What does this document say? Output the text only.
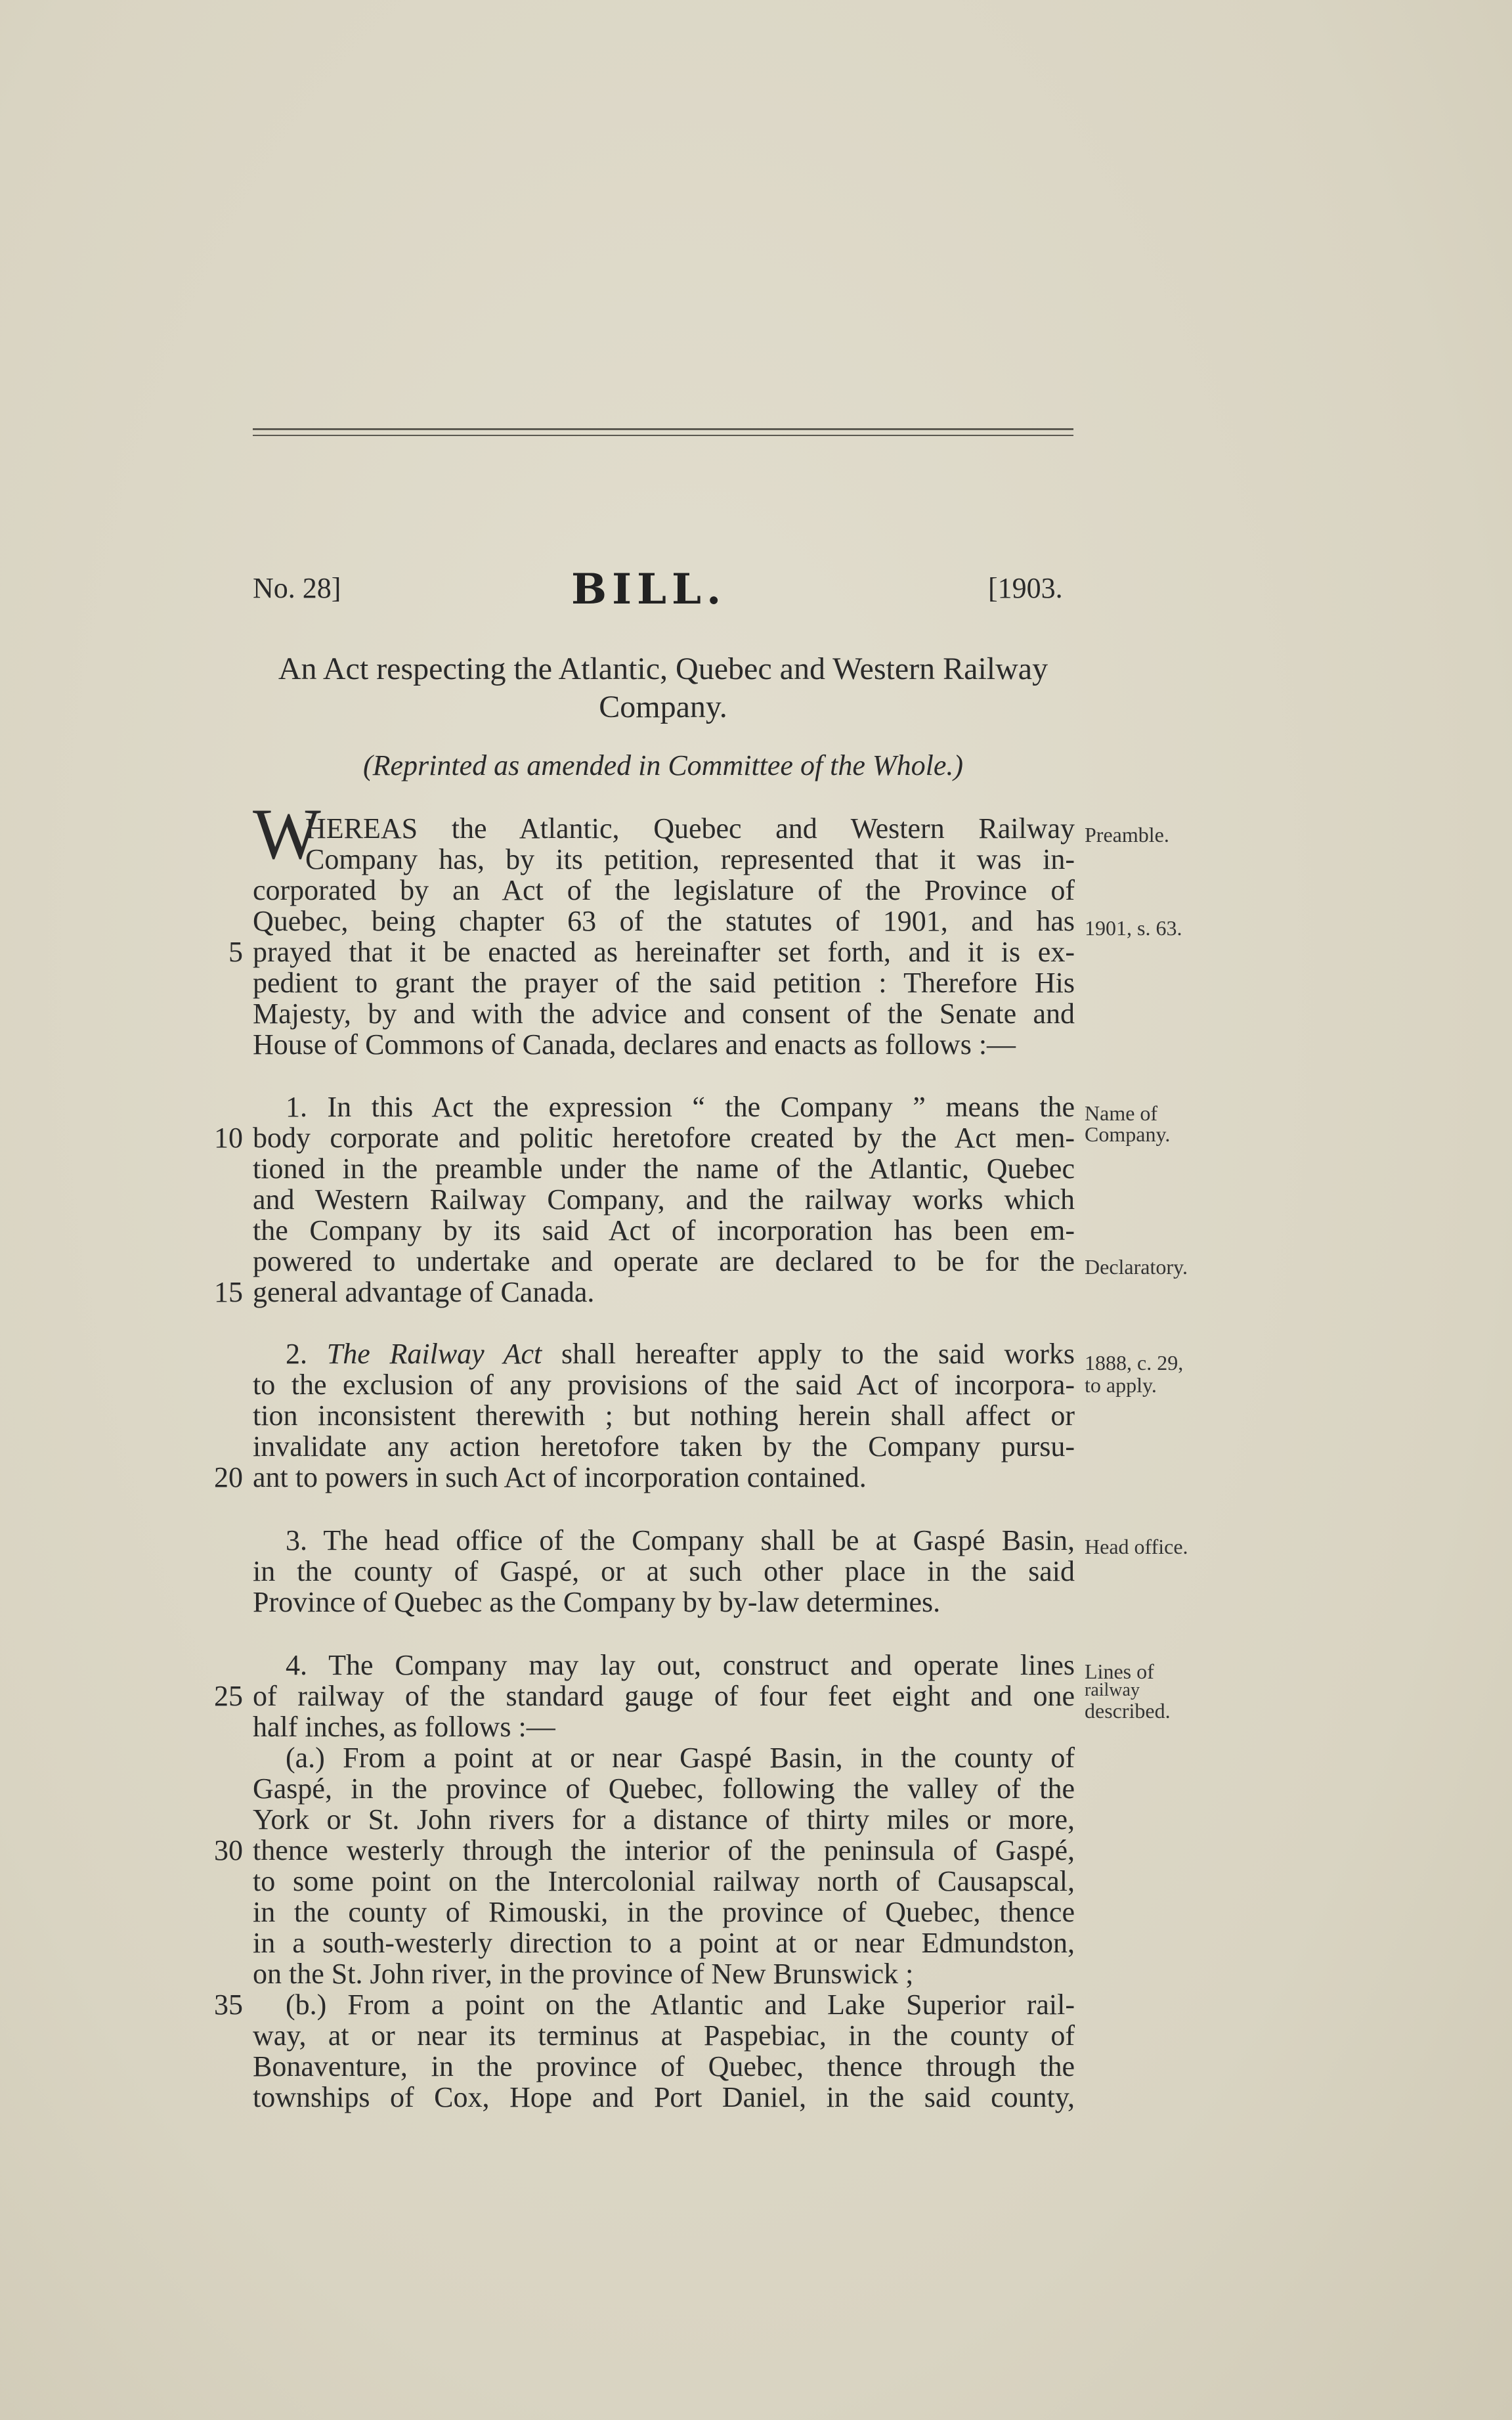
No. 28]	BILL.	[1903.
An Act respecting the Atlantic, Quebec and Western Railway Company.
(Reprinted as amended in Committee of the Whole.)
W
HEREAS the Atlantic, Quebec and Western Railway
Company has, by its petition, represented that it was in-
corporated by an Act of the legislature of the Province of
Quebec, being chapter 63 of the statutes of 1901, and has
prayed that it be enacted as hereinafter set forth, and it is ex-
pedient to grant the prayer of the said petition : Therefore His
Majesty, by and with the advice and consent of the Senate and
House of Commons of Canada, declares and enacts as follows :—
1. In this Act the expression “ the Company ” means the
body corporate and politic heretofore created by the Act men-
tioned in the preamble under the name of the Atlantic, Quebec
and Western Railway Company, and the railway works which
the Company by its said Act of incorporation has been em-
powered to undertake and operate are declared to be for the
general advantage of Canada.
2. The Railway Act shall hereafter apply to the said works
to the exclusion of any provisions of the said Act of incorpora-
tion inconsistent therewith ; but nothing herein shall affect or
invalidate any action heretofore taken by the Company pursu-
ant to powers in such Act of incorporation contained.
3. The head office of the Company shall be at Gaspé Basin,
in the county of Gaspé, or at such other place in the said
Province of Quebec as the Company by by-law determines.
4. The Company may lay out, construct and operate lines
of railway of the standard gauge of four feet eight and one
half inches, as follows :—
(a.) From a point at or near Gaspé Basin, in the county of
Gaspé, in the province of Quebec, following the valley of the
York or St. John rivers for a distance of thirty miles or more,
thence westerly through the interior of the peninsula of Gaspé,
to some point on the Intercolonial railway north of Causapscal,
in the county of Rimouski, in the province of Quebec, thence
in a south-westerly direction to a point at or near Edmundston,
on the St. John river, in the province of New Brunswick ;
(b.) From a point on the Atlantic and Lake Superior rail-
way, at or near its terminus at Paspebiac, in the county of
Bonaventure, in the province of Quebec, thence through the
townships of Cox, Hope and Port Daniel, in the said county,
5
10
15
20
25
30
35
Preamble.
1901, s. 63.
Name of
Company.
Declaratory.
1888, c. 29,
to apply.
Head office.
Lines of
railway
described.
